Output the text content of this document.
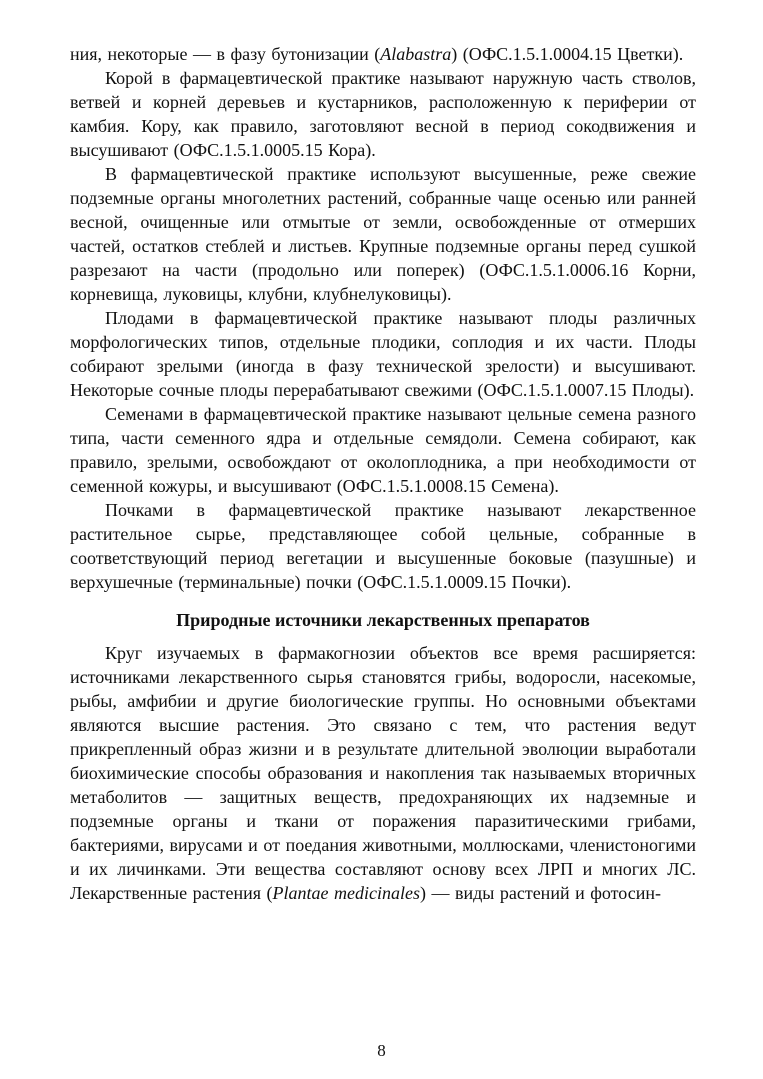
ния, некоторые — в фазу бутонизации (Alabastra) (ОФС.1.5.1.0004.15 Цветки).

Корой в фармацевтической практике называют наружную часть стволов, ветвей и корней деревьев и кустарников, расположенную к периферии от камбия. Кору, как правило, заготовляют весной в период сокодвижения и высушивают (ОФС.1.5.1.0005.15 Кора).

В фармацевтической практике используют высушенные, реже свежие подземные органы многолетних растений, собранные чаще осенью или ранней весной, очищенные или отмытые от земли, освобожденные от отмерших частей, остатков стеблей и листьев. Крупные подземные органы перед сушкой разрезают на части (продольно или поперек) (ОФС.1.5.1.0006.16 Корни, корневища, луковицы, клубни, клубнелуковицы).

Плодами в фармацевтической практике называют плоды различных морфологических типов, отдельные плодики, соплодия и их части. Плоды собирают зрелыми (иногда в фазу технической зрелости) и высушивают. Некоторые сочные плоды перерабатывают свежими (ОФС.1.5.1.0007.15 Плоды).

Семенами в фармацевтической практике называют цельные семена разного типа, части семенного ядра и отдельные семядоли. Семена собирают, как правило, зрелыми, освобождают от околоплодника, а при необходимости от семенной кожуры, и высушивают (ОФС.1.5.1.0008.15 Семена).

Почками в фармацевтической практике называют лекарственное растительное сырье, представляющее собой цельные, собранные в соответствующий период вегетации и высушенные боковые (пазушные) и верхушечные (терминальные) почки (ОФС.1.5.1.0009.15 Почки).

Природные источники лекарственных препаратов

Круг изучаемых в фармакогнозии объектов все время расширяется: источниками лекарственного сырья становятся грибы, водоросли, насекомые, рыбы, амфибии и другие биологические группы. Но основными объектами являются высшие растения. Это связано с тем, что растения ведут прикрепленный образ жизни и в результате длительной эволюции выработали биохимические способы образования и накопления так называемых вторичных метаболитов — защитных веществ, предохраняющих их надземные и подземные органы и ткани от поражения паразитическими грибами, бактериями, вирусами и от поедания животными, моллюсками, членистоногими и их личинками. Эти вещества составляют основу всех ЛРП и многих ЛС. Лекарственные растения (Plantae medicinales) — виды растений и фотосин-

8
